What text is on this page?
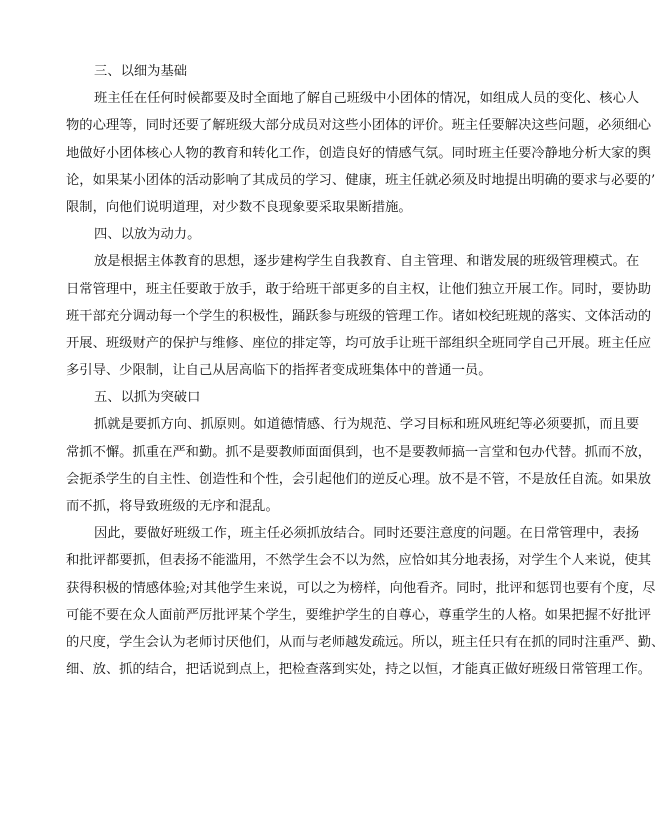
三、以细为基础
班主任在任何时候都要及时全面地了解自己班级中小团体的情况，如组成人员的变化、核心人
物的心理等，同时还要了解班级大部分成员对这些小团体的评价。班主任要解决这些问题，必须细心
地做好小团体核心人物的教育和转化工作，创造良好的情感气氛。同时班主任要冷静地分析大家的舆
论，如果某小团体的活动影响了其成员的学习、健康，班主任就必须及时地提出明确的要求与必要的’
限制，向他们说明道理，对少数不良现象要采取果断措施。
四、以放为动力。
放是根据主体教育的思想，逐步建构学生自我教育、自主管理、和谐发展的班级管理模式。在
日常管理中，班主任要敢于放手，敢于给班干部更多的自主权，让他们独立开展工作。同时，要协助
班干部充分调动每一个学生的积极性，踊跃参与班级的管理工作。诸如校纪班规的落实、文体活动的
开展、班级财产的保护与维修、座位的排定等，均可放手让班干部组织全班同学自己开展。班主任应
多引导、少限制，让自己从居高临下的指挥者变成班集体中的普通一员。
五、以抓为突破口
抓就是要抓方向、抓原则。如道德情感、行为规范、学习目标和班风班纪等必须要抓，而且要
常抓不懈。抓重在严和勤。抓不是要教师面面俱到，也不是要教师搞一言堂和包办代替。抓而不放，
会扼杀学生的自主性、创造性和个性，会引起他们的逆反心理。放不是不管，不是放任自流。如果放
而不抓，将导致班级的无序和混乱。
因此，要做好班级工作，班主任必须抓放结合。同时还要注意度的问题。在日常管理中，表扬
和批评都要抓，但表扬不能滥用，不然学生会不以为然，应恰如其分地表扬，对学生个人来说，使其
获得积极的情感体验;对其他学生来说，可以之为榜样，向他看齐。同时，批评和惩罚也要有个度，尽
可能不要在众人面前严厉批评某个学生，要维护学生的自尊心，尊重学生的人格。如果把握不好批评
的尺度，学生会认为老师讨厌他们，从而与老师越发疏远。所以，班主任只有在抓的同时注重严、勤、
细、放、抓的结合，把话说到点上，把检查落到实处，持之以恒，才能真正做好班级日常管理工作。
